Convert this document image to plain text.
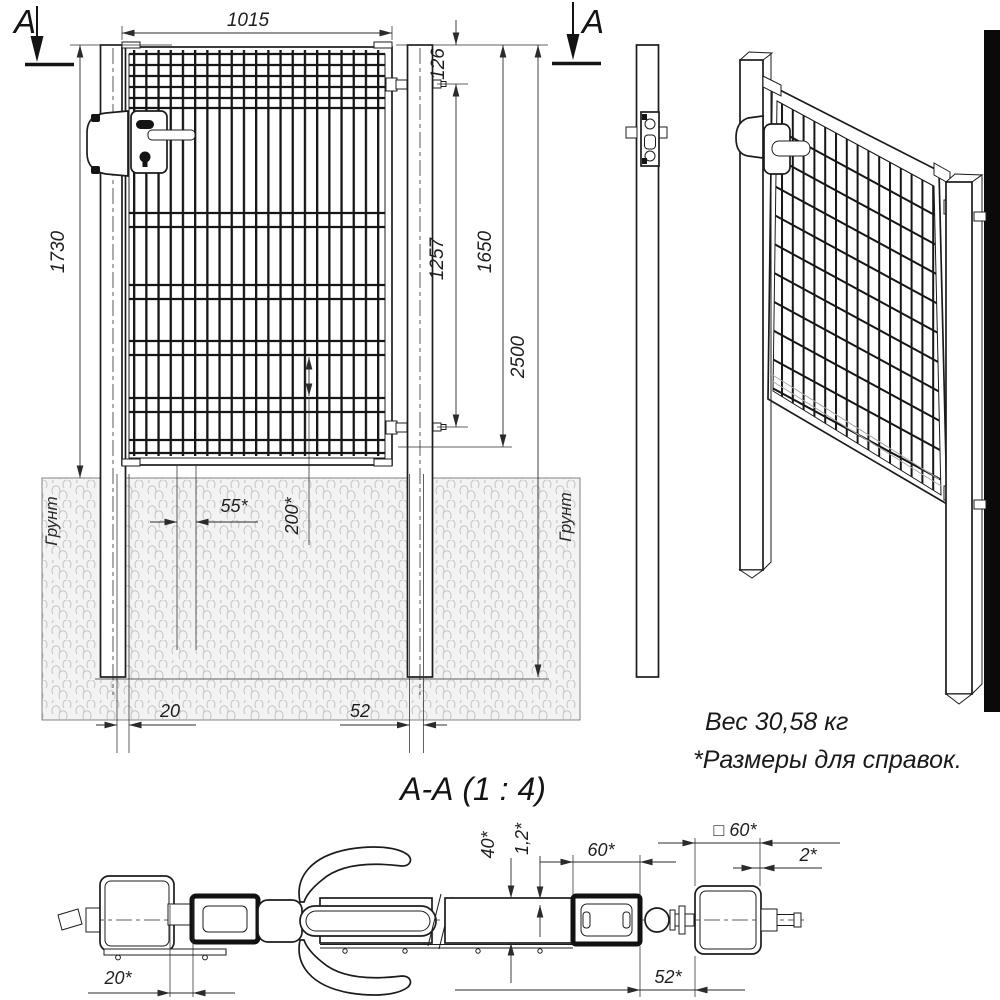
А	А
1015
1730
126
1257 1650
2500
55* 200*
20	52
Грунт	Грунт
Вес 30,58 кг
*Размеры для справок.
А-А (1 : 4)
40* 1,2*	60*
□ 60*
2*
20*	52*
